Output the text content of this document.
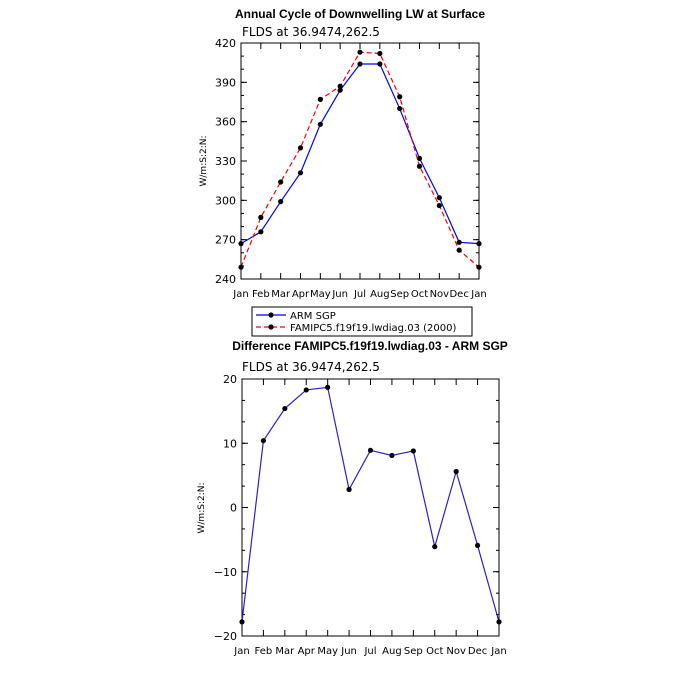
Annual Cycle of Downwelling LW at Surface
FLDS at 36.9474,262.5
W/m:S:2:N:
240
270
300
330
360
390
420
Jan Feb Mar Apr May Jun Jul Aug Sep Oct Nov Dec Jan
ARM SGP
FAMIPC5.f19f19.lwdiag.03 (2000)
Difference FAMIPC5.f19f19.lwdiag.03 - ARM SGP
FLDS at 36.9474,262.5
W/m:S:2:N:
−20
−10
0
10
20
Jan Feb Mar Apr May Jun Jul Aug Sep Oct Nov Dec Jan
